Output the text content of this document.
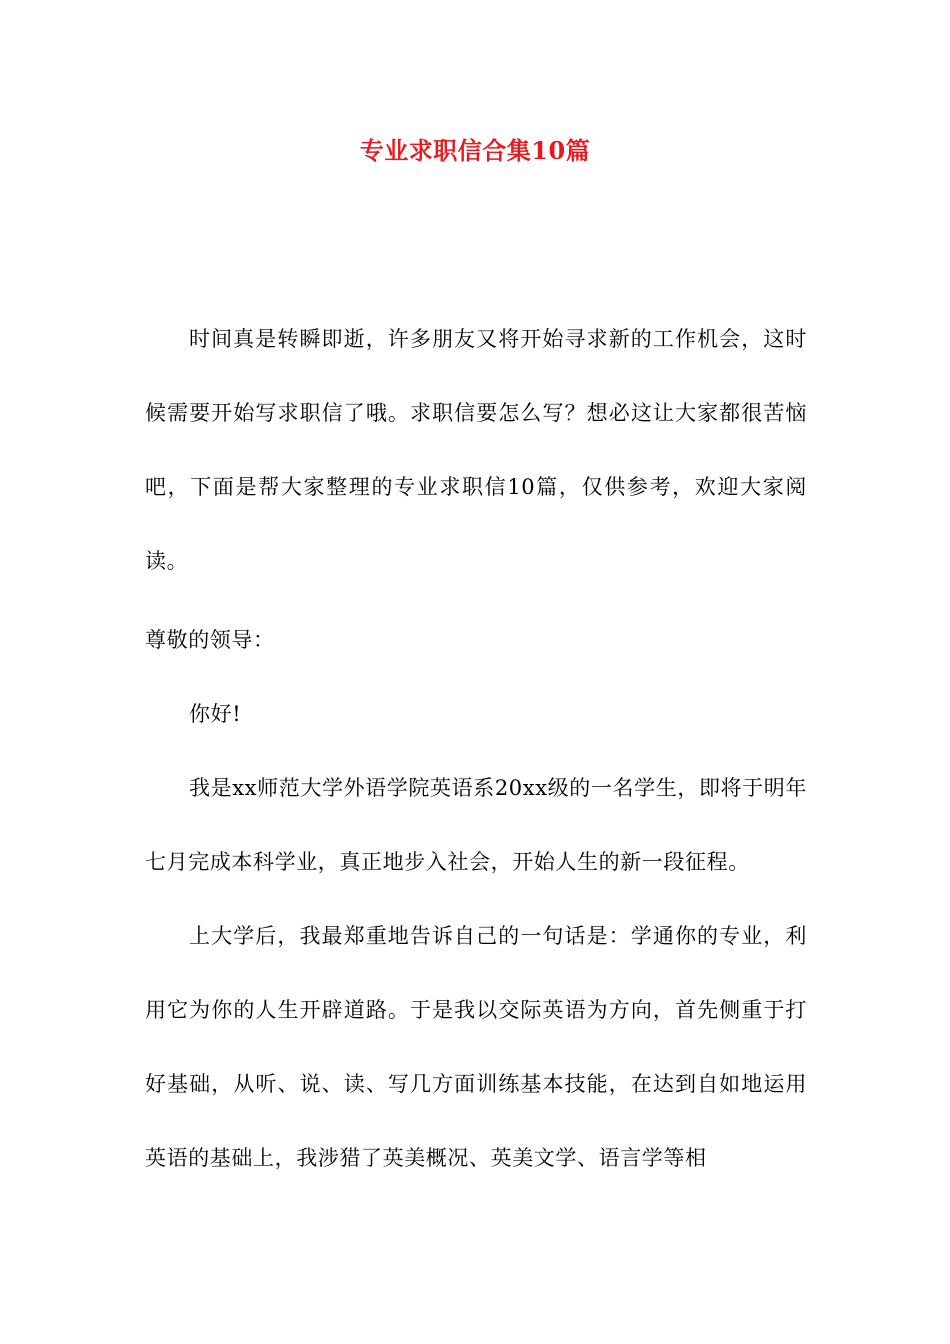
专业求职信合集10篇
时间真是转瞬即逝，许多朋友又将开始寻求新的工作机会，这时候需要开始写求职信了哦。求职信要怎么写？想必这让大家都很苦恼吧，下面是帮大家整理的专业求职信10篇，仅供参考，欢迎大家阅读。
尊敬的领导：
你好!
我是xx师范大学外语学院英语系20xx级的一名学生，即将于明年七月完成本科学业，真正地步入社会，开始人生的新一段征程。
上大学后，我最郑重地告诉自己的一句话是：学通你的专业，利用它为你的人生开辟道路。于是我以交际英语为方向，首先侧重于打好基础，从听、说、读、写几方面训练基本技能，在达到自如地运用英语的基础上，我涉猎了英美概况、英美文学、语言学等相
